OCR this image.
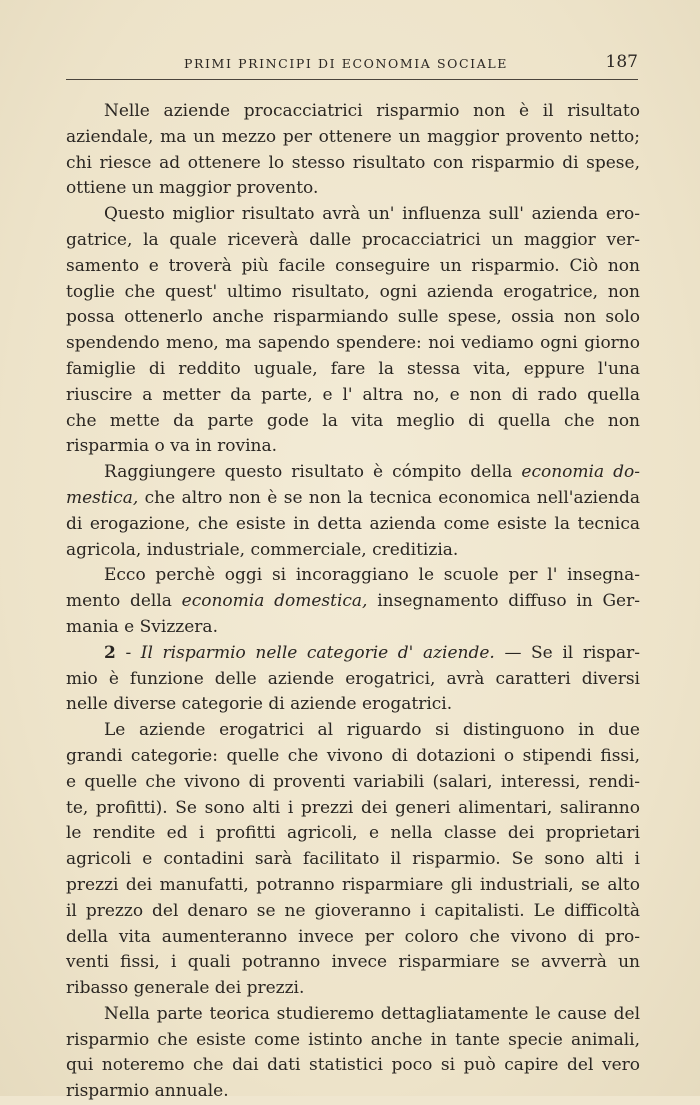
PRIMI PRINCIPI DI ECONOMIA SOCIALE	187
Nelle aziende procacciatrici risparmio non è il risultato
aziendale, ma un mezzo per ottenere un maggior provento netto;
chi riesce ad ottenere lo stesso risultato con risparmio di spese,
ottiene un maggior provento.
Questo miglior risultato avrà un' influenza sull' azienda ero-
gatrice, la quale riceverà dalle procacciatrici un maggior ver-
samento e troverà più facile conseguire un risparmio. Ciò non
toglie che quest' ultimo risultato, ogni azienda erogatrice, non
possa ottenerlo anche risparmiando sulle spese, ossia non solo
spendendo meno, ma sapendo spendere: noi vediamo ogni giorno
famiglie di reddito uguale, fare la stessa vita, eppure l'una
riuscire a metter da parte, e l' altra no, e non di rado quella
che mette da parte gode la vita meglio di quella che non
risparmia o va in rovina.
Raggiungere questo risultato è cómpito della economia do-
mestica, che altro non è se non la tecnica economica nell'azienda
di erogazione, che esiste in detta azienda come esiste la tecnica
agricola, industriale, commerciale, creditizia.
Ecco perchè oggi si incoraggiano le scuole per l' insegna-
mento della economia domestica, insegnamento diffuso in Ger-
mania e Svizzera.
2 - Il risparmio nelle categorie d' aziende. — Se il rispar-
mio è funzione delle aziende erogatrici, avrà caratteri diversi
nelle diverse categorie di aziende erogatrici.
Le aziende erogatrici al riguardo si distinguono in due
grandi categorie: quelle che vivono di dotazioni o stipendi fissi,
e quelle che vivono di proventi variabili (salari, interessi, rendi-
te, profitti). Se sono alti i prezzi dei generi alimentari, saliranno
le rendite ed i profitti agricoli, e nella classe dei proprietari
agricoli e contadini sarà facilitato il risparmio. Se sono alti i
prezzi dei manufatti, potranno risparmiare gli industriali, se alto
il prezzo del denaro se ne gioveranno i capitalisti. Le difficoltà
della vita aumenteranno invece per coloro che vivono di pro-
venti fissi, i quali potranno invece risparmiare se avverrà un
ribasso generale dei prezzi.
Nella parte teorica studieremo dettagliatamente le cause del
risparmio che esiste come istinto anche in tante specie animali,
qui noteremo che dai dati statistici poco si può capire del vero
risparmio annuale.
